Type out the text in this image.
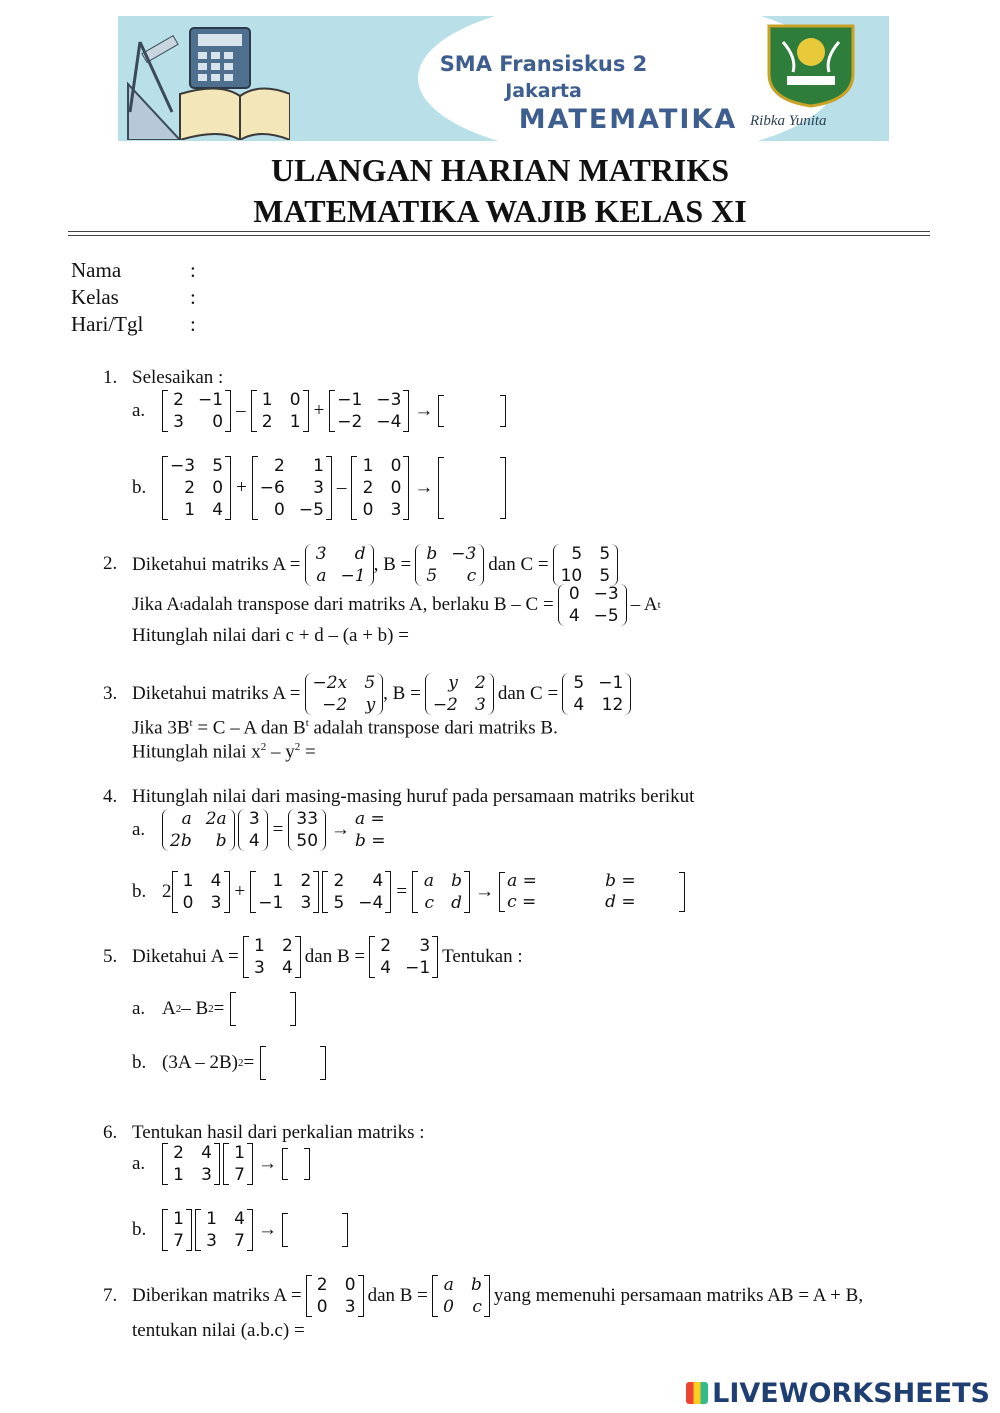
SMA Fransiskus 2
Jakarta
MATEMATIKA Ribka Yunita
ULANGAN HARIAN MATRIKS
MATEMATIKA WAJIB KELAS XI
Nama	:
Kelas	:
Hari/Tgl :
1. Selesaikan :
a.	2 −1
3	0
– 1 0
2 1
+ −1 −3
−2 −4
→
b.
−3 5
2 0
1 4
+
2	1
−6	3
0 −5
–
1 0
2 0
0 3
→
2. Diketahui matriks A = 3	d
a −1
, B = b −3
5	c
dan C =	5 5
10 5
Jika A t adalah transpose dari matriks A, berlaku B – C = 0 −3
4 −5
– A t
Hitunglah nilai dari c + d – (a + b) =
3. Diketahui matriks A = −2x 5
−2 y
, B =	y 2
−2 3
dan C = 5 −1
4 12
Jika $3B^t = C - A$ dan $B^t$ adalah transpose dari matriks B.
Hitunglah nilai $x^2 - y^2$ =
4. Hitunglah nilai dari masing-masing huruf pada persamaan matriks berikut
a.	a 2a
2b	b
3
4
= 33
50
→ a =
b =
b. 2 1 4
0 3
+	1 2
−1 3
2	4
5 −4
= a b
c d
→ a =	b =
c =	d =
5. Diketahui A = 1 2
3 4
dan B = 2	3
4 −1
Tentukan :
a. A 2 – B 2 =
b. (3A – 2B) 2 =
6. Tentukan hasil dari perkalian matriks :
a.	2 4
1 3
1
7
→
b.	1
7
1 4
3 7
→
7. Diberikan matriks A = 2 0
0 3
dan B = a b
0 c
yang memenuhi persamaan matriks AB = A + B,
tentukan nilai (a.b.c) =
LIVEWORKSHEETS
